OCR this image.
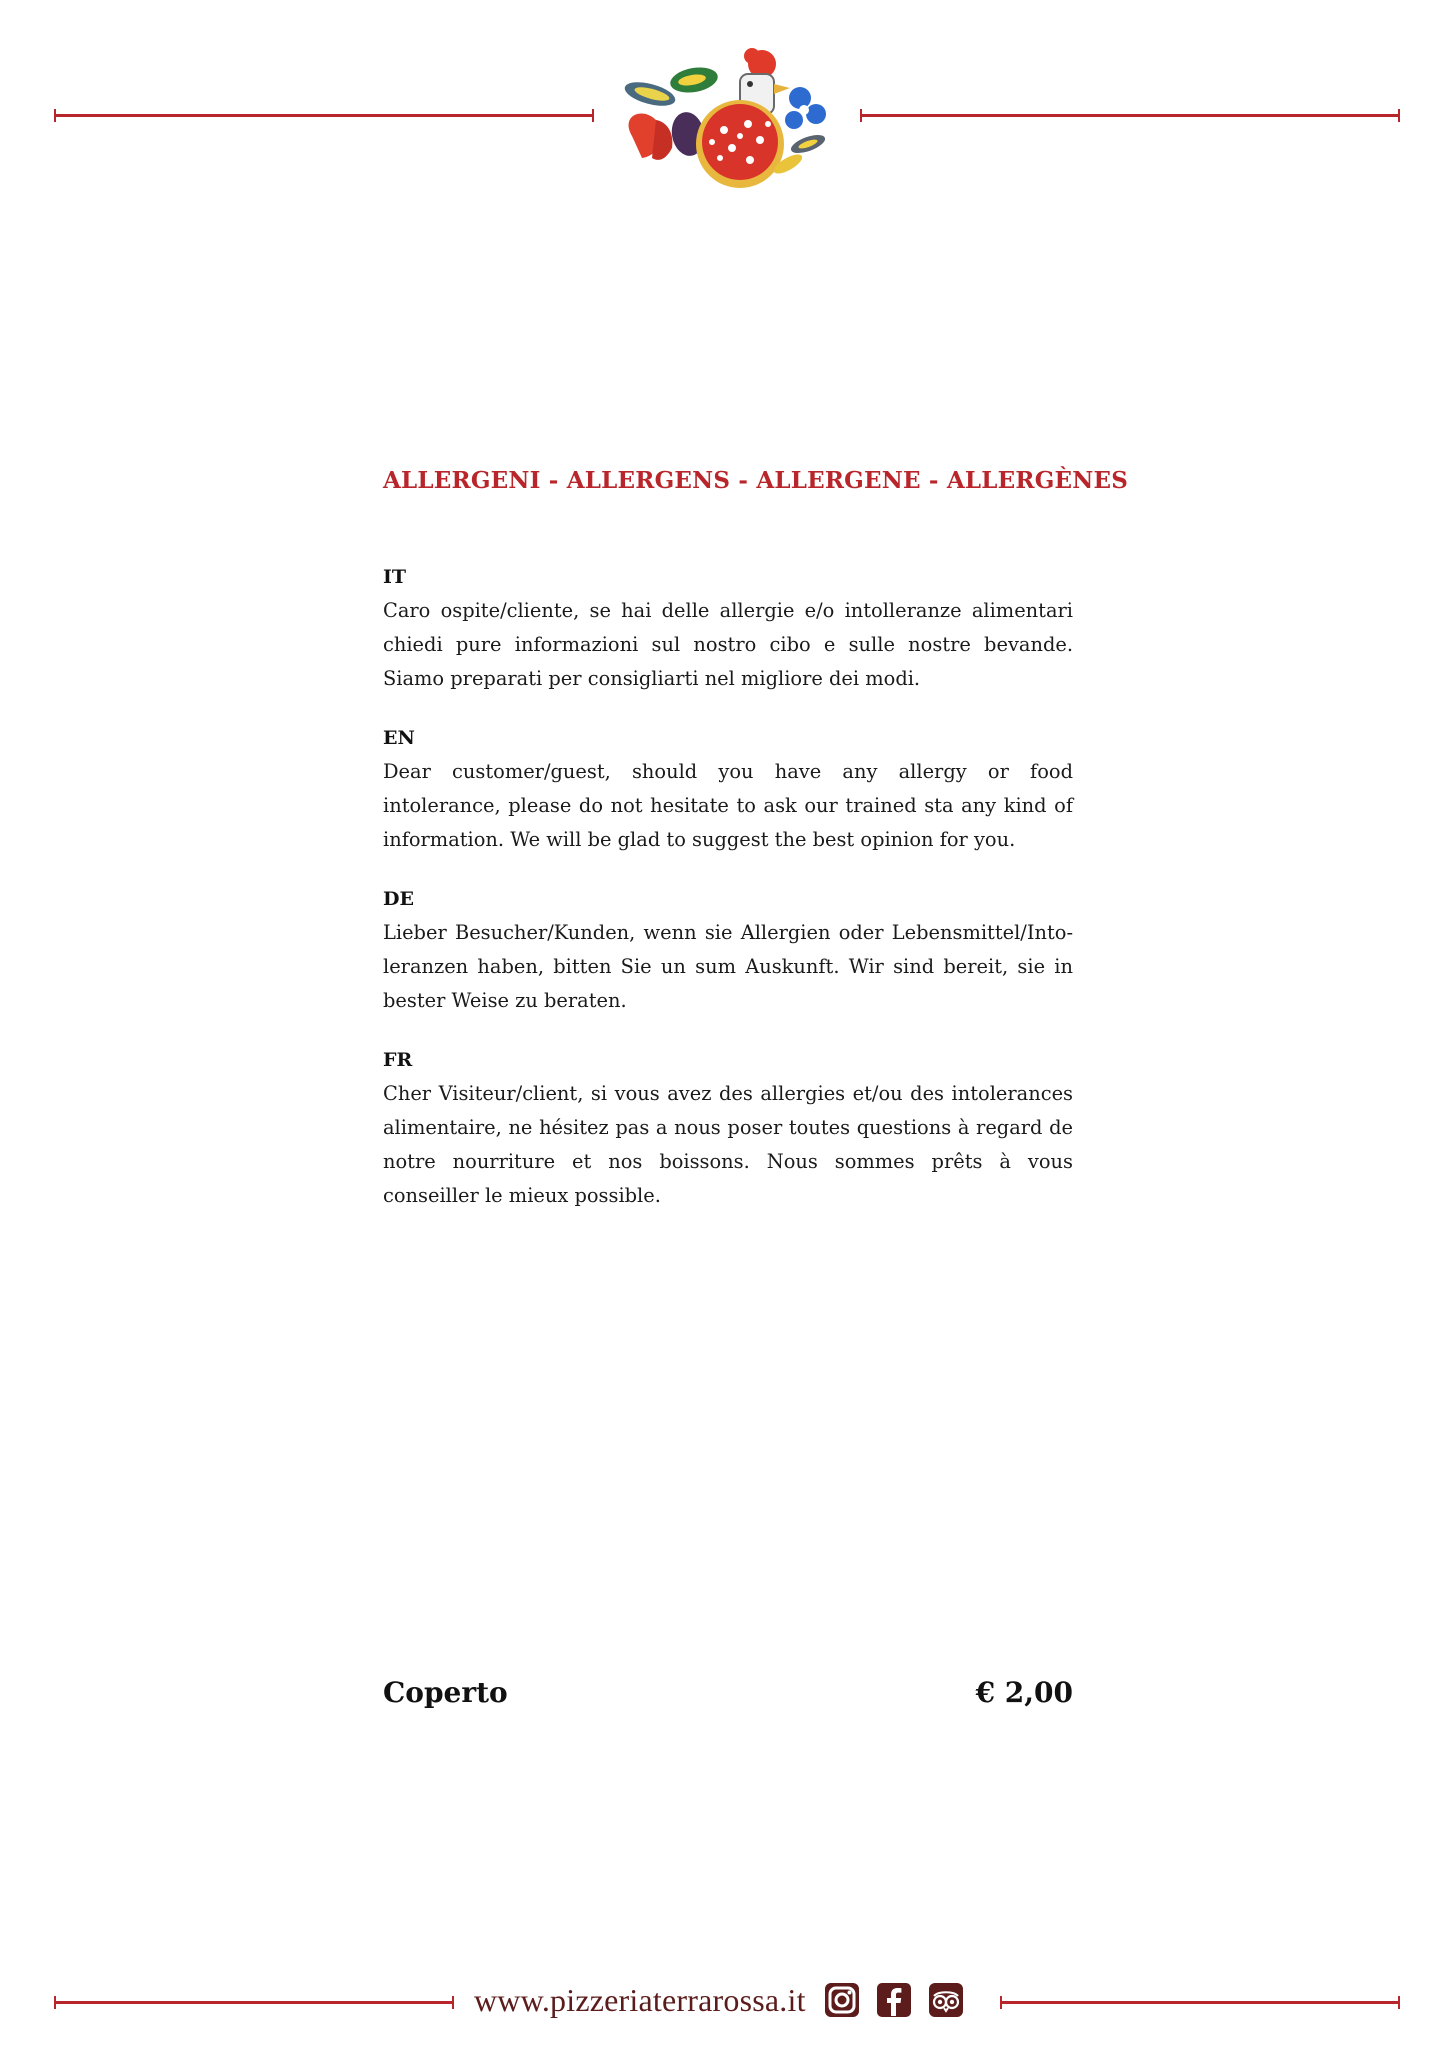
ALLERGENI - ALLERGENS - ALLERGENE - ALLERGÈNES
IT
Caro ospite/cliente, se hai delle allergie e/o intolleranze alimentari chiedi pure informazioni sul nostro cibo e sulle nostre bevande. Siamo preparati per consigliarti nel migliore dei modi.
EN
Dear customer/guest, should you have any allergy or food intolerance, please do not hesitate to ask our trained sta any kind of information. We will be glad to suggest the best opinion for you.
DE
Lieber Besucher/Kunden, wenn sie Allergien oder Lebensmittel/Into-leranzen haben, bitten Sie un sum Auskunft. Wir sind bereit, sie in bester Weise zu beraten.
FR
Cher Visiteur/client, si vous avez des allergies et/ou des intolerances alimentaire, ne hésitez pas a nous poser toutes questions à regard de notre nourriture et nos boissons. Nous sommes prêts à vous conseiller le mieux possible.
Coperto	€ 2,00
www.pizzeriaterrarossa.it
